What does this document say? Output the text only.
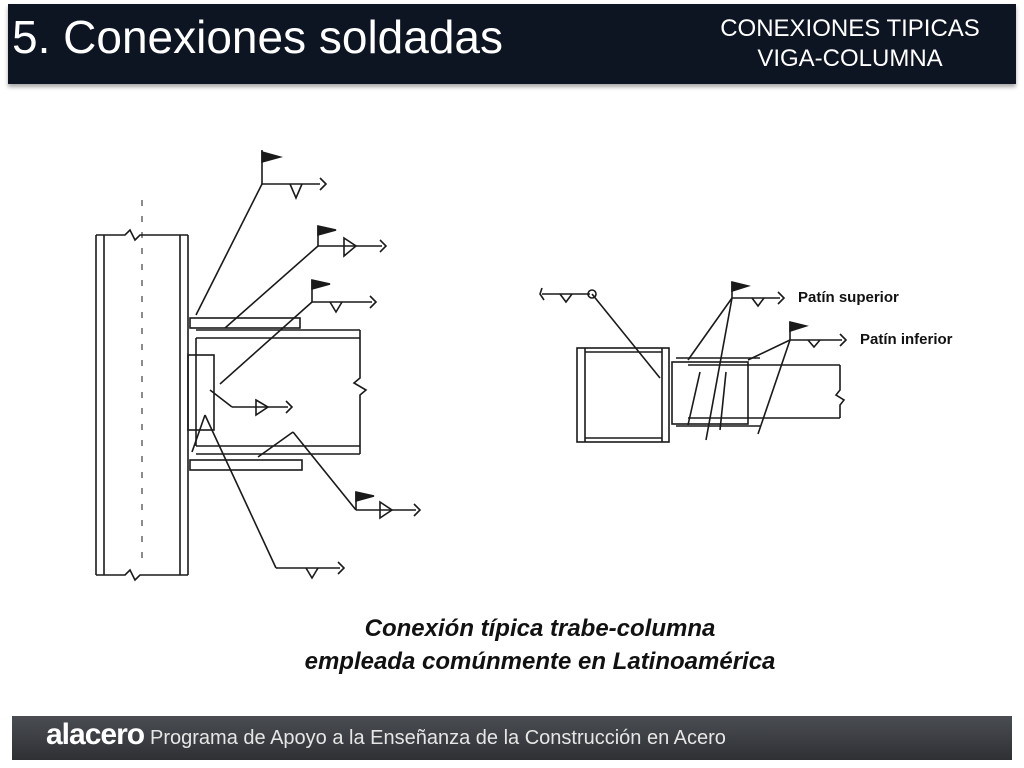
5. Conexiones soldadas	CONEXIONES TIPICAS
VIGA-COLUMNA
Patín superior
Patín inferior
Conexión típica trabe-columna
empleada comúnmente en Latinoamérica
alacero Programa de Apoyo a la Enseñanza de la Construcción en Acero
